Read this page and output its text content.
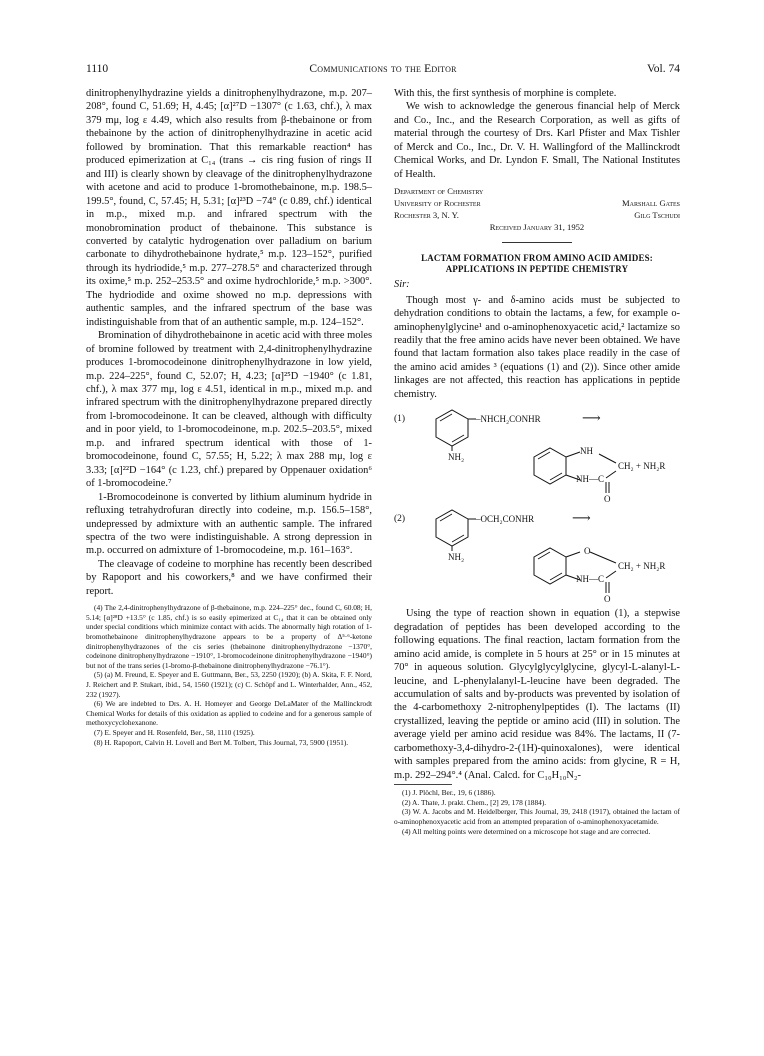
1110	Communications to the Editor	Vol. 74

dinitrophenylhydrazine yields a dinitrophenylhydrazone, m.p. 207–208°, found C, 51.69; H, 4.45; [α]²⁷D −1307° (c 1.63, chf.), λ max 379 mμ, log ε 4.49, which also results from β-thebainone or from thebainone by the action of dinitrophenylhydrazine in acetic acid followed by bromination. That this remarkable reaction⁴ has produced epimerization at C₁₄ (trans → cis ring fusion of rings II and III) is clearly shown by cleavage of the dinitrophenylhydrazone with acetone and acid to produce 1-bromothebainone, m.p. 198.5–199.5°, found, C, 57.45; H, 5.31; [α]²³D −74° (c 0.89, chf.) identical in m.p., mixed m.p. and infrared spectrum with the monobromination product of thebainone. This substance is converted by catalytic hydrogenation over palladium on barium carbonate to dihydrothebainone hydrate,⁵ m.p. 123–152°, purified through its hydriodide,⁵ m.p. 277–278.5° and characterized through its oxime,⁵ m.p. 252–253.5° and oxime hydrochloride,⁵ m.p. >300°. The hydriodide and oxime showed no m.p. depressions with authentic samples, and the infrared spectrum of the base was indistinguishable from that of an authentic sample, m.p. 124–152°.

Bromination of dihydrothebainone in acetic acid with three moles of bromine followed by treatment with 2,4-dinitrophenylhydrazine produces 1-bromocodeinone dinitrophenylhydrazone in low yield, m.p. 224–225°, found C, 52.07; H, 4.23; [α]²⁵D −1940° (c 1.81, chf.), λ max 377 mμ, log ε 4.51, identical in m.p., mixed m.p. and infrared spectrum with the dinitrophenylhydrazone prepared directly from l-bromocodeinone. It can be cleaved, although with difficulty and in poor yield, to 1-bromocodeinone, m.p. 202.5–203.5°, mixed m.p. and infrared spectrum identical with those of 1-bromocodeinone, found C, 57.55; H, 5.22; λ max 288 mμ, log ε 3.33; [α]²²D −164° (c 1.23, chf.) prepared by Oppenauer oxidation⁶ of 1-bromocodeine.⁷

1-Bromocodeinone is converted by lithium aluminum hydride in refluxing tetrahydrofuran directly into codeine, m.p. 156.5–158°, undepressed by admixture with an authentic sample. The infrared spectra of the two were indistinguishable. A strong depression in m.p. occurred on admixture of 1-bromocodeine, m.p. 161–163°.

The cleavage of codeine to morphine has recently been described by Rapoport and his coworkers,⁸ and we have confirmed their report.

(4) The 2,4-dinitrophenylhydrazone of β-thebainone, m.p. 224–225° dec., found C, 60.08; H, 5.14; [α]²⁸D +13.5° (c 1.85, chf.) is so easily epimerized at C₁₄ that it can be obtained only under special conditions which minimize contact with acids. The abnormally high rotation of 1-bromothebainone dinitrophenylhydrazone appears to be a property of Δ⁵·⁶-ketone dinitrophenylhydrazones of the cis series (thebainone dinitrophenylhydrazone −1370°, codeinone dinitrophenylhydrazone −1910°, 1-bromocodeinone dinitrophenylhydrazone −1940°) but not of the trans series (1-bromo-β-thebainone dinitrophenylhydrazone −76.1°).

(5) (a) M. Freund, E. Speyer and E. Guttmann, Ber., 53, 2250 (1920); (b) A. Skita, F. F. Nord, J. Reichert and P. Stukart, ibid., 54, 1560 (1921); (c) C. Schöpf and L. Winterhalder, Ann., 452, 232 (1927).

(6) We are indebted to Drs. A. H. Homeyer and George DeLaMater of the Mallinckrodt Chemical Works for details of this oxidation as applied to codeine and for a generous sample of methoxycyclohexanone.

(7) E. Speyer and H. Rosenfeld, Ber., 58, 1110 (1925).

(8) H. Rapoport, Calvin H. Lovell and Bert M. Tolbert, This Journal, 73, 5900 (1951).

With this, the first synthesis of morphine is complete.

We wish to acknowledge the generous financial help of Merck and Co., Inc., and the Research Corporation, as well as gifts of material through the courtesy of Drs. Karl Pfister and Max Tishler of Merck and Co., Inc., Dr. V. H. Wallingford of the Mallinckrodt Chemical Works, and Dr. Lyndon F. Small, The National Institutes of Health.

Department of Chemistry
University of Rochester	Marshall Gates
Rochester 3, N. Y.	Gilg Tschudi
Received January 31, 1952
LACTAM FORMATION FROM AMINO ACID AMIDES: APPLICATIONS IN PEPTIDE CHEMISTRY
Sir:

Though most γ- and δ-amino acids must be subjected to dehydration conditions to obtain the lactams, a few, for example o-aminophenylglycine¹ and o-aminophenoxyacetic acid,² lactamize so readily that the free amino acids have never been obtained. We have found that lactam formation also takes place readily in the case of the amino acid amides ³ (equations (1) and (2)). Since other amide linkages are not affected, this reaction has applications in peptide chemistry.

(1)	–NHCH₂CONHR	⟶
NH₂
NH
CH₂ + NH₂R
NH—C
O
(2)	–OCH₂CONHR	⟶
NH₂
O
CH₂ + NH₂R
NH—C
O

Using the type of reaction shown in equation (1), a stepwise degradation of peptides has been developed according to the following equations. The final reaction, lactam formation from the amino acid amide, is complete in 5 hours at 25° or in 15 minutes at 70° in aqueous solution. Glycylglycylglycine, glycyl-L-alanyl-L-leucine, and L-phenylalanyl-L-leucine have been degraded. The accumulation of salts and by-products was prevented by isolation of the 4-carbomethoxy 2-nitrophenylpeptides (I). The lactams (II) crystallized, leaving the peptide or amino acid (III) in solution. The average yield per amino acid residue was 84%. The lactams, II (7-carbomethoxy-3,4-dihydro-2-(1H)-quinoxalones), were identical with samples prepared from the amino acids: from glycine, R = H, m.p. 292–294°.⁴ (Anal. Calcd. for C₁₀H₁₀N₂-

(1) J. Plöchl, Ber., 19, 6 (1886).

(2) A. Thate, J. prakt. Chem., [2] 29, 178 (1884).

(3) W. A. Jacobs and M. Heidelberger, This Journal, 39, 2418 (1917), obtained the lactam of o-aminophenoxyacetic acid from an attempted preparation of o-aminophenoxyacetamide.

(4) All melting points were determined on a microscope hot stage and are corrected.
